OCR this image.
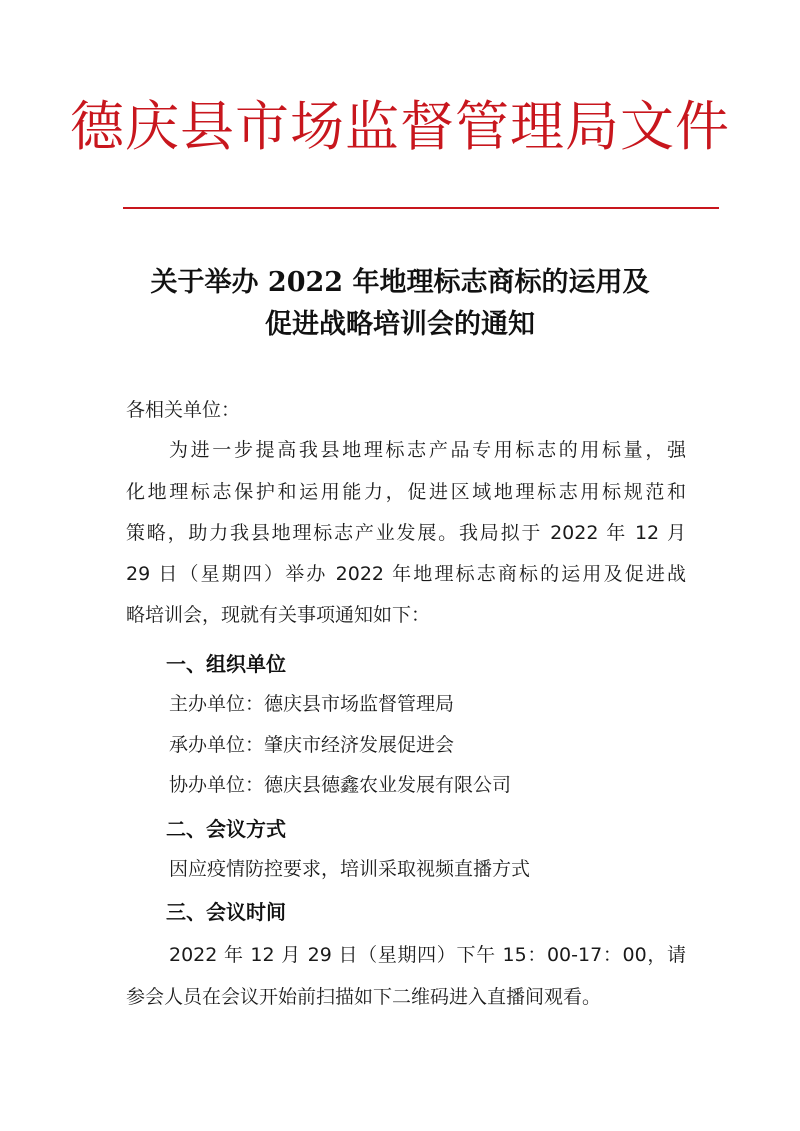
德庆县市场监督管理局文件
关于举办 2022 年地理标志商标的运用及
促进战略培训会的通知
各相关单位：
为进一步提高我县地理标志产品专用标志的用标量，强
化地理标志保护和运用能力，促进区域地理标志用标规范和
策略，助力我县地理标志产业发展。我局拟于 2022 年 12 月
29 日（星期四）举办 2022 年地理标志商标的运用及促进战
略培训会，现就有关事项通知如下：
一、组织单位
主办单位：德庆县市场监督管理局
承办单位：肇庆市经济发展促进会
协办单位：德庆县德鑫农业发展有限公司
二、会议方式
因应疫情防控要求，培训采取视频直播方式
三、会议时间
2022 年 12 月 29 日（星期四）下午 15：00-17：00，请
参会人员在会议开始前扫描如下二维码进入直播间观看。
